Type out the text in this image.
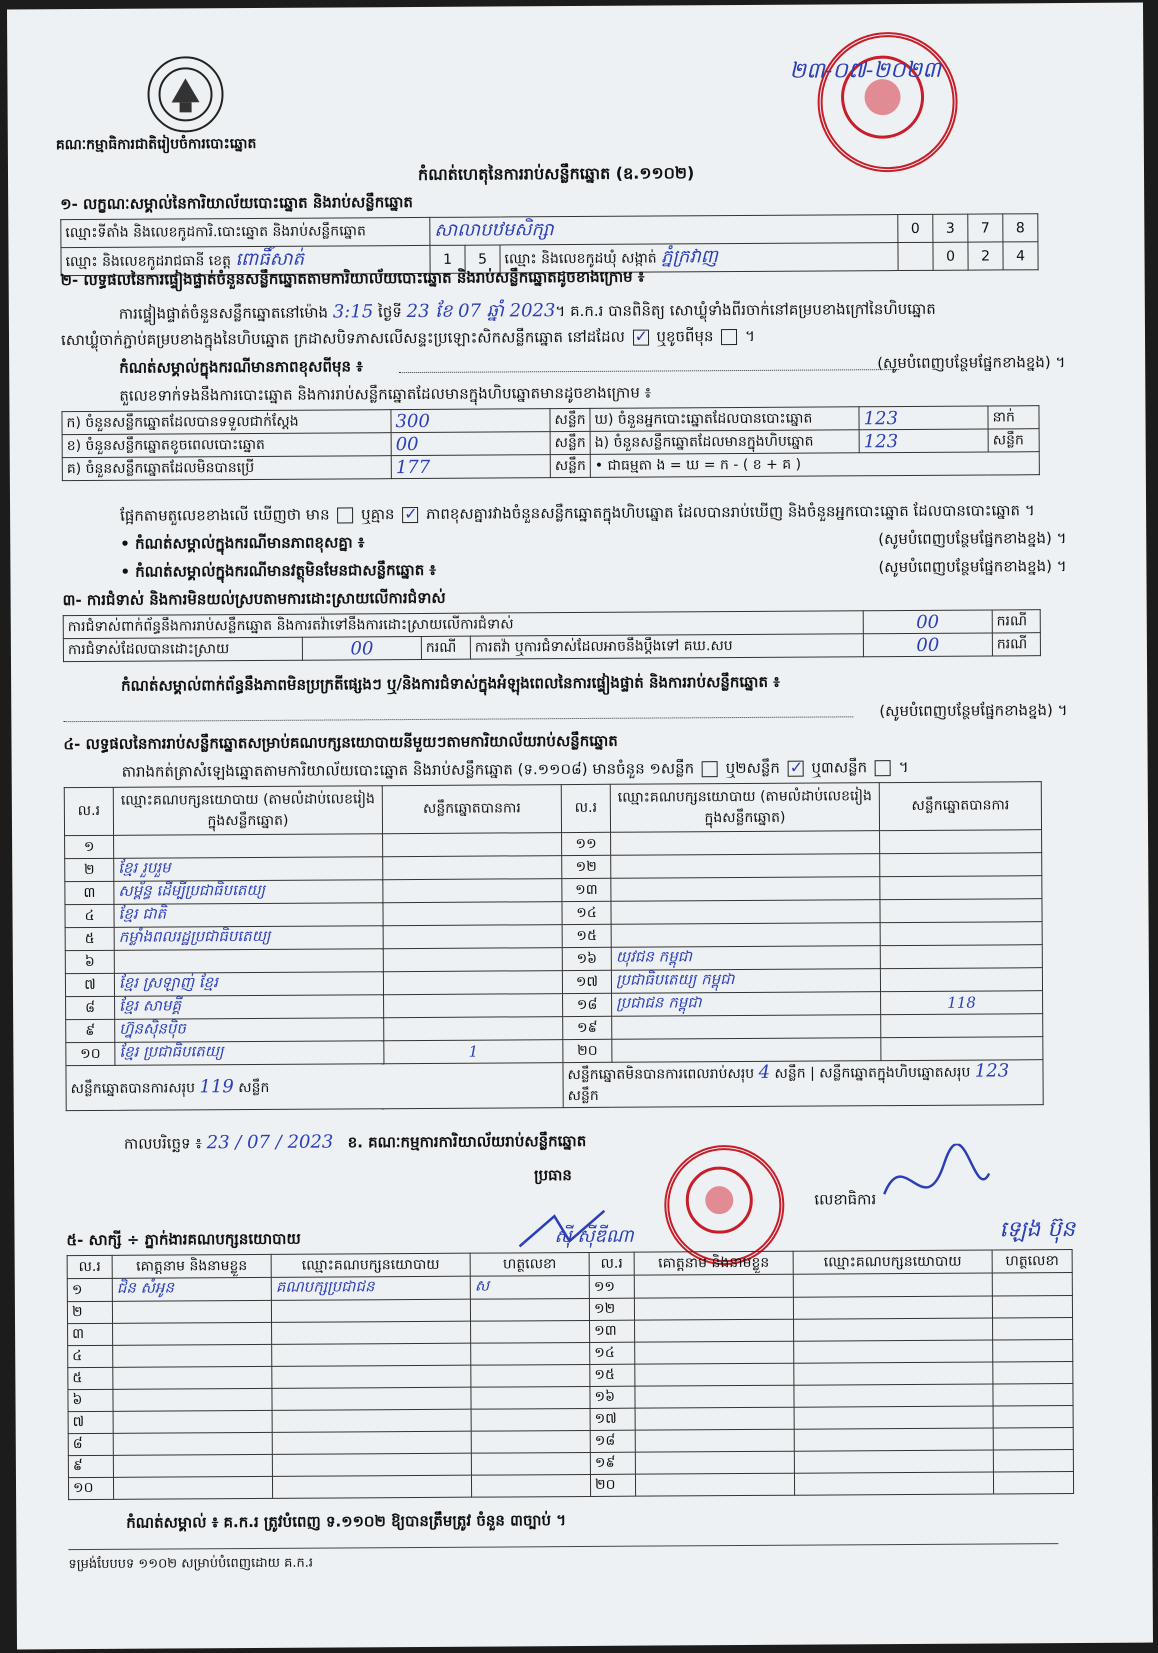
គណៈកម្មាធិការជាតិរៀបចំការបោះឆ្នោត
កំណត់ហេតុនៃការរាប់សន្លឹកឆ្នោត (ឧ.១១០២)
២៣-០៧-២០២៣
១- លក្ខណៈសម្គាល់នៃការិយាល័យបោះឆ្នោត និងរាប់សន្លឹកឆ្នោត
ឈ្មោះទីតាំង និងលេខកូដការិ.បោះឆ្នោត និងរាប់សន្លឹកឆ្នោត	សាលាបឋមសិក្សា			0	3	7	8
ឈ្មោះ និងលេខកូដរាជធានី ខេត្ត ពោធិ៍សាត់	1	5	ឈ្មោះ និងលេខកូដឃុំ សង្កាត់ ភ្នំក្រវាញ		0	2	4
២- លទ្ធផលនៃការផ្ទៀងផ្ទាត់ចំនួនសន្លឹកឆ្នោតតាមការិយាល័យបោះឆ្នោត និងរាប់សន្លឹកឆ្នោតដូចខាងក្រោម ៖
ការផ្ទៀងផ្ទាត់ចំនួនសន្លឹកឆ្នោតនៅម៉ោង 3:15 ថ្ងៃទី 23 ខែ 07 ឆ្នាំ 2023។ គ.ក.រ បានពិនិត្យ សោឃ្លុំទាំងពីរចាក់នៅគម្របខាងក្រៅនៃហិបឆ្នោត
សោឃ្លុំចាក់ភ្ជាប់គម្របខាងក្នុងនៃហិបឆ្នោត ក្រដាសបិទភាសលើសន្ទះប្រឡោះសិកសន្លឹកឆ្នោត នៅដដែល ✓ ឬខូចពីមុន  ។
កំណត់សម្គាល់ក្នុងករណីមានភាពខុសពីមុន ៖	(សូមបំពេញបន្ថែមផ្នែកខាងខ្នង) ។
តួលេខទាក់ទងនឹងការបោះឆ្នោត និងការរាប់សន្លឹកឆ្នោតដែលមានក្នុងហិបឆ្នោតមានដូចខាងក្រោម ៖
ក) ចំនួនសន្លឹកឆ្នោតដែលបានទទួលជាក់ស្ដែង	300	សន្លឹក	ឃ) ចំនួនអ្នកបោះឆ្នោតដែលបានបោះឆ្នោត	123	នាក់
ខ) ចំនួនសន្លឹកឆ្នោតខូចពេលបោះឆ្នោត	00	សន្លឹក	ង) ចំនួនសន្លឹកឆ្នោតដែលមានក្នុងហិបឆ្នោត	123	សន្លឹក
គ) ចំនួនសន្លឹកឆ្នោតដែលមិនបានប្រើ	177	សន្លឹក	• ជាធម្មតា ង = ឃ = ក - ( ខ + គ )		
ផ្អែកតាមតួលេខខាងលើ ឃើញថា មាន ឬគ្មាន ✓ ភាពខុសគ្នារវាងចំនួនសន្លឹកឆ្នោតក្នុងហិបឆ្នោត ដែលបានរាប់ឃើញ និងចំនួនអ្នកបោះឆ្នោត ដែលបានបោះឆ្នោត ។
• កំណត់សម្គាល់ក្នុងករណីមានភាពខុសគ្នា ៖	(សូមបំពេញបន្ថែមផ្នែកខាងខ្នង) ។
• កំណត់សម្គាល់ក្នុងករណីមានវត្ថុមិនមែនជាសន្លឹកឆ្នោត ៖	(សូមបំពេញបន្ថែមផ្នែកខាងខ្នង) ។
៣- ការជំទាស់ និងការមិនយល់ស្របតាមការដោះស្រាយលើការជំទាស់
ការជំទាស់ពាក់ព័ន្ធនឹងការរាប់សន្លឹកឆ្នោត និងការតវ៉ាទៅនឹងការដោះស្រាយលើការជំទាស់				00	ករណី
ការជំទាស់ដែលបានដោះស្រាយ	00	ករណី	ការតវ៉ា ឬការជំទាស់ដែលអាចនឹងប្ដឹងទៅ គឃ.សប	00	ករណី
កំណត់សម្គាល់ពាក់ព័ន្ធនឹងភាពមិនប្រក្រតីផ្សេងៗ ឬ/និងការជំទាស់ក្នុងអំឡុងពេលនៃការផ្ទៀងផ្ទាត់ និងការរាប់សន្លឹកឆ្នោត ៖
(សូមបំពេញបន្ថែមផ្នែកខាងខ្នង) ។
៤- លទ្ធផលនៃការរាប់សន្លឹកឆ្នោតសម្រាប់គណបក្សនយោបាយនីមួយៗតាមការិយាល័យរាប់សន្លឹកឆ្នោត
តារាងកត់ត្រាសំឡេងឆ្នោតតាមការិយាល័យបោះឆ្នោត និងរាប់សន្លឹកឆ្នោត (ទ.១១០៨) មានចំនួន ១សន្លឹក ឬ២សន្លឹក ✓ ឬ៣សន្លឹក  ។
ល.រ	ឈ្មោះគណបក្សនយោបាយ (តាមលំដាប់លេខរៀងក្នុងសន្លឹកឆ្នោត)	សន្លឹកឆ្នោតបានការ	ល.រ	ឈ្មោះគណបក្សនយោបាយ (តាមលំដាប់លេខរៀងក្នុងសន្លឹកឆ្នោត)	សន្លឹកឆ្នោតបានការ
១			១១		
២	ខ្មែរ រួបរួម		១២		
៣	សម្ព័ន្ធ ដើម្បីប្រជាធិបតេយ្យ		១៣		
៤	ខ្មែរ ជាតិ		១៤		
៥	កម្លាំងពលរដ្ឋប្រជាធិបតេយ្យ		១៥		
៦			១៦	យុវជន កម្ពុជា	
៧	ខ្មែរ ស្រឡាញ់ ខ្មែរ		១៧	ប្រជាធិបតេយ្យ កម្ពុជា	
៨	ខ្មែរ សាមគ្គី		១៨	ប្រជាជន កម្ពុជា	118
៩	ហ្វ៊ុនស៊ិនប៉ិច		១៩		
១០	ខ្មែរ ប្រជាធិបតេយ្យ	1	២០		
សន្លឹកឆ្នោតបានការសរុប 119 សន្លឹក			សន្លឹកឆ្នោតមិនបានការពេលរាប់សរុប 4 សន្លឹក | សន្លឹកឆ្នោតក្នុងហិបឆ្នោតសរុប 123 សន្លឹក		
កាលបរិច្ឆេទ ៖ 23 / 07 / 2023 ខ. គណៈកម្មការការិយាល័យរាប់សន្លឹកឆ្នោត
ប្រធាន
លេខាធិការ
ស៊ី ស៊ីឌីណា	ឡេង ប៊ុន
៥- សាក្សី ÷ ភ្នាក់ងារគណបក្សនយោបាយ
ល.រ	គោត្តនាម និងនាមខ្លួន	ឈ្មោះគណបក្សនយោបាយ	ហត្ថលេខា	ល.រ	គោត្តនាម និងនាមខ្លួន	ឈ្មោះគណបក្សនយោបាយ	ហត្ថលេខា
១	ជិន សំអូន	គណបក្សប្រជាជន	ស	១១			
២				១២			
៣				១៣			
៤				១៤			
៥				១៥			
៦				១៦			
៧				១៧			
៨				១៨			
៩				១៩			
១០				២០			
កំណត់សម្គាល់ ៖ គ.ក.រ ត្រូវបំពេញ ទ.១១០២ ឱ្យបានត្រឹមត្រូវ ចំនួន ៣ច្បាប់ ។
ទម្រង់បែបបទ ១១០២ សម្រាប់បំពេញដោយ គ.ក.រ
